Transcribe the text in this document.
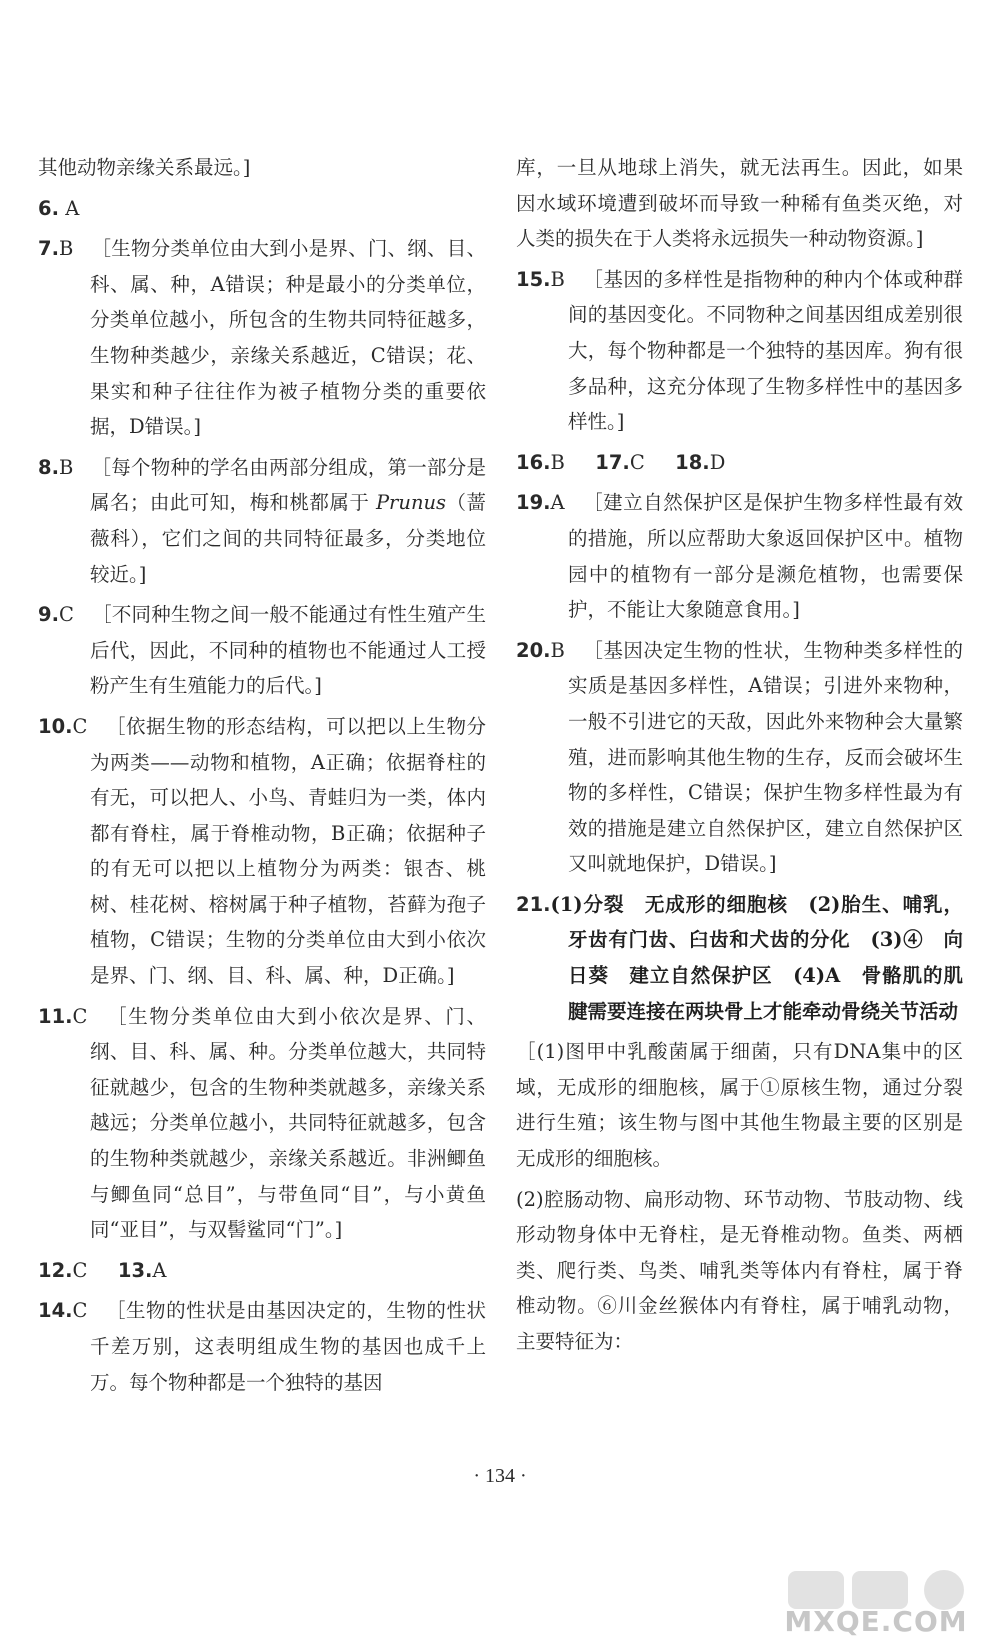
其他动物亲缘关系最远。]
6. A
7.B ［生物分类单位由大到小是界、门、纲、目、科、属、种，A错误；种是最小的分类单位，分类单位越小，所包含的生物共同特征越多，生物种类越少，亲缘关系越近，C错误；花、果实和种子往往作为被子植物分类的重要依据，D错误。]
8.B ［每个物种的学名由两部分组成，第一部分是属名；由此可知，梅和桃都属于 Prunus（蔷薇科），它们之间的共同特征最多，分类地位较近。]
9.C ［不同种生物之间一般不能通过有性生殖产生后代，因此，不同种的植物也不能通过人工授粉产生有生殖能力的后代。]
10.C ［依据生物的形态结构，可以把以上生物分为两类——动物和植物，A正确；依据脊柱的有无，可以把人、小鸟、青蛙归为一类，体内都有脊柱，属于脊椎动物，B正确；依据种子的有无可以把以上植物分为两类：银杏、桃树、桂花树、榕树属于种子植物，苔藓为孢子植物，C错误；生物的分类单位由大到小依次是界、门、纲、目、科、属、种，D正确。]
11.C ［生物分类单位由大到小依次是界、门、纲、目、科、属、种。分类单位越大，共同特征就越少，包含的生物种类就越多，亲缘关系越远；分类单位越小，共同特征就越多，包含的生物种类就越少，亲缘关系越近。非洲鲫鱼与鲫鱼同“总目”，与带鱼同“目”，与小黄鱼同“亚目”，与双髻鲨同“门”。]
12.C 13.A
14.C ［生物的性状是由基因决定的，生物的性状千差万别，这表明组成生物的基因也成千上万。每个物种都是一个独特的基因
库，一旦从地球上消失，就无法再生。因此，如果因水域环境遭到破坏而导致一种稀有鱼类灭绝，对人类的损失在于人类将永远损失一种动物资源。]
15.B ［基因的多样性是指物种的种内个体或种群间的基因变化。不同物种之间基因组成差别很大，每个物种都是一个独特的基因库。狗有很多品种，这充分体现了生物多样性中的基因多样性。]
16.B 17.C 18.D
19.A ［建立自然保护区是保护生物多样性最有效的措施，所以应帮助大象返回保护区中。植物园中的植物有一部分是濒危植物，也需要保护，不能让大象随意食用。]
20.B ［基因决定生物的性状，生物种类多样性的实质是基因多样性，A错误；引进外来物种，一般不引进它的天敌，因此外来物种会大量繁殖，进而影响其他生物的生存，反而会破坏生物的多样性，C错误；保护生物多样性最为有效的措施是建立自然保护区，建立自然保护区又叫就地保护，D错误。]
21.(1)分裂　无成形的细胞核　(2)胎生、哺乳，牙齿有门齿、臼齿和犬齿的分化　(3)④　向日葵　建立自然保护区　(4)A　骨骼肌的肌腱需要连接在两块骨上才能牵动骨绕关节活动
［(1)图甲中乳酸菌属于细菌，只有DNA集中的区域，无成形的细胞核，属于①原核生物，通过分裂进行生殖；该生物与图中其他生物最主要的区别是无成形的细胞核。
(2)腔肠动物、扁形动物、环节动物、节肢动物、线形动物身体中无脊柱，是无脊椎动物。鱼类、两栖类、爬行类、鸟类、哺乳类等体内有脊柱，属于脊椎动物。⑥川金丝猴体内有脊柱，属于哺乳动物，主要特征为：
· 134 ·
MXQE.COM
